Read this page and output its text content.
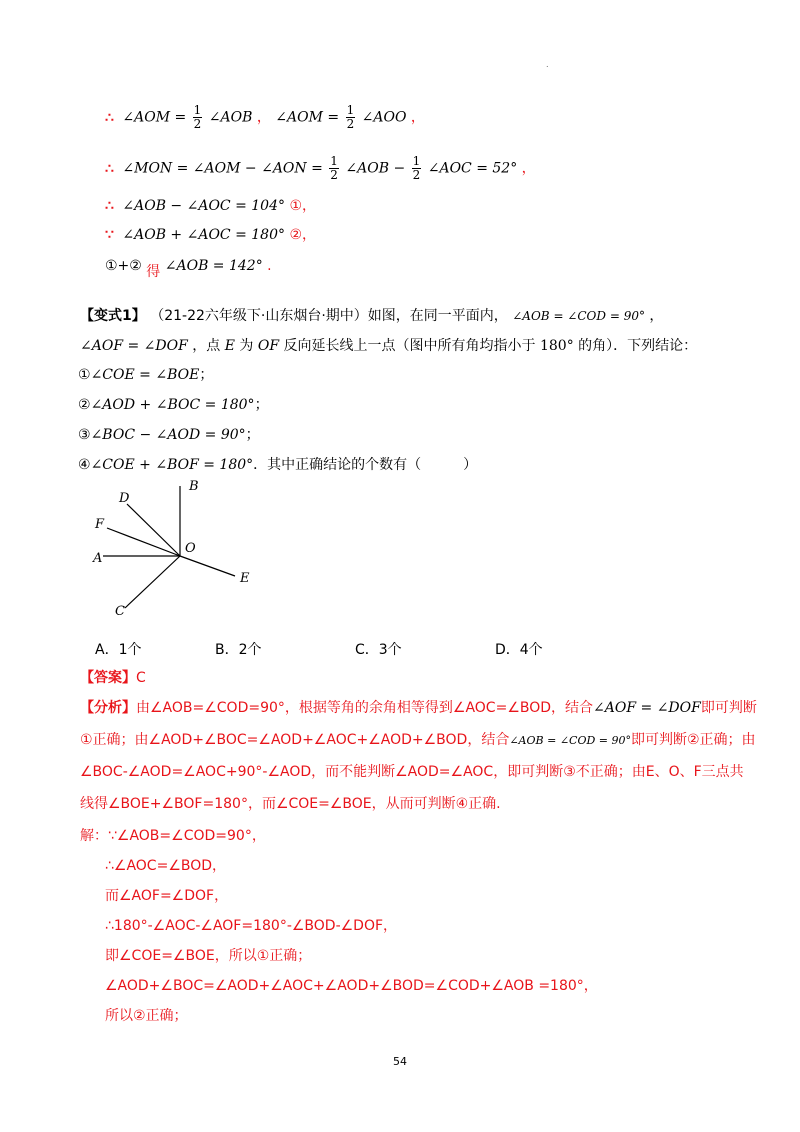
.
∴ ∠AOM = $\frac{1}{2}$ ∠AOB ， ∠AOM = $\frac{1}{2}$ ∠AOO ，
∴ ∠MON = ∠AOM − ∠AON = $\frac{1}{2}$ ∠AOB − $\frac{1}{2}$ ∠AOC = 52° ，
∴ ∠AOB − ∠AOC = 104° ①，
∵ ∠AOB + ∠AOC = 180° ②，
①+② 得 ∠AOB = 142° .
【变式1】 （21-22六年级下·山东烟台·期中）如图，在同一平面内， ∠AOB = ∠COD = 90° ，
∠AOF = ∠DOF ，点 E 为 OF 反向延长线上一点（图中所有角均指小于 180° 的角）．下列结论：
①∠COE = ∠BOE；
②∠AOD + ∠BOC = 180°；
③∠BOC − ∠AOD = 90°；
④∠COE + ∠BOF = 180°．其中正确结论的个数有（　　　）
B
D
F
A
O
E
C
A．1个	B．2个	C．3个	D．4个
【答案】C
【分析】由∠AOB=∠COD=90°，根据等角的余角相等得到∠AOC=∠BOD，结合∠AOF = ∠DOF即可判断
①正确；由∠AOD+∠BOC=∠AOD+∠AOC+∠AOD+∠BOD，结合∠AOB = ∠COD = 90°即可判断②正确；由
∠BOC-∠AOD=∠AOC+90°-∠AOD，而不能判断∠AOD=∠AOC，即可判断③不正确；由E、O、F三点共
线得∠BOE+∠BOF=180°，而∠COE=∠BOE，从而可判断④正确.
解：∵∠AOB=∠COD=90°，
∴∠AOC=∠BOD，
而∠AOF=∠DOF，
∴180°-∠AOC-∠AOF=180°-∠BOD-∠DOF，
即∠COE=∠BOE，所以①正确；
∠AOD+∠BOC=∠AOD+∠AOC+∠AOD+∠BOD=∠COD+∠AOB =180°，
所以②正确；
54
